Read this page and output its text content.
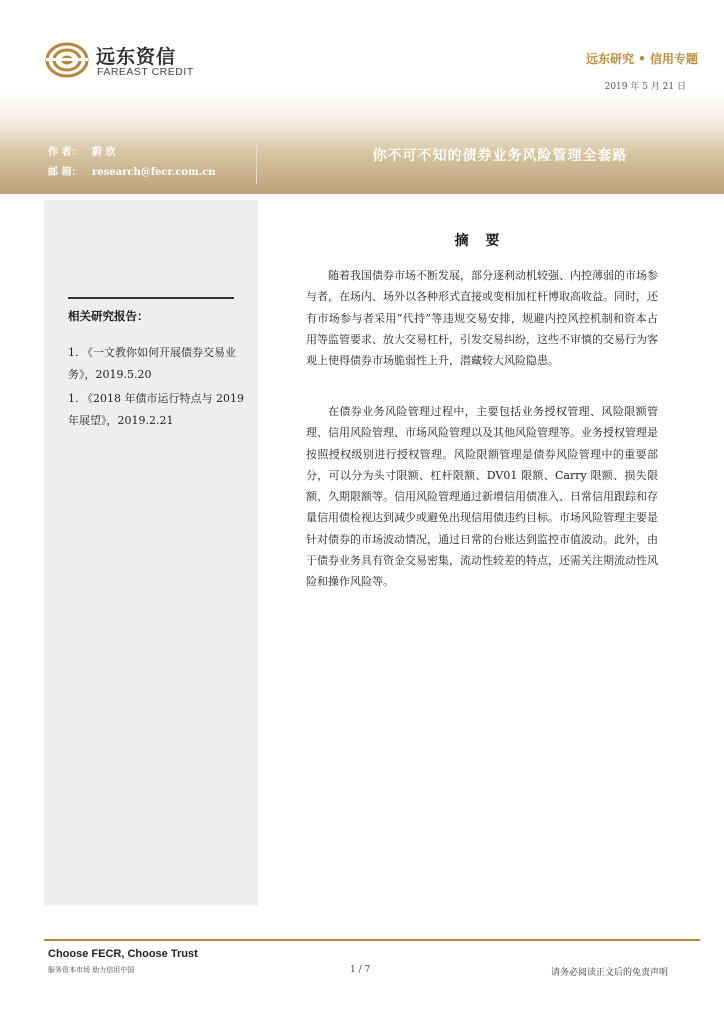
远东资信
FAREAST CREDIT
远东研究 • 信用专题
2019 年 5 月 21 日
作 者： 蔚 欣
邮 箱： research@fecr.com.cn
你不可不知的债券业务风险管理全套路
相关研究报告：
1. 《一文教你如何开展债券交易业务》，2019.5.20
1. 《2018 年债市运行特点与 2019 年展望》，2019.2.21
摘 要
随着我国债券市场不断发展，部分逐利动机较强、内控薄弱的市场参与者，在场内、场外以各种形式直接或变相加杠杆博取高收益。同时，还有市场参与者采用“代持”等违规交易安排，规避内控风控机制和资本占用等监管要求、放大交易杠杆，引发交易纠纷，这些不审慎的交易行为客观上使得债券市场脆弱性上升，潜藏较大风险隐患。
在债券业务风险管理过程中，主要包括业务授权管理、风险限额管理、信用风险管理、市场风险管理以及其他风险管理等。业务授权管理是按照授权级别进行授权管理。风险限额管理是债券风险管理中的重要部分，可以分为头寸限额、杠杆限额、DV01 限额、Carry 限额、损失限额、久期限额等。信用风险管理通过新增信用债准入、日常信用跟踪和存量信用债检视达到减少或避免出现信用债违约目标。市场风险管理主要是针对债券的市场波动情况，通过日常的台账达到监控市值波动。此外，由于债券业务具有资金交易密集，流动性较差的特点，还需关注期流动性风险和操作风险等。
Choose FECR, Choose Trust
服务资本市场 助力信用中国	1 / 7	请务必阅读正文后的免责声明
